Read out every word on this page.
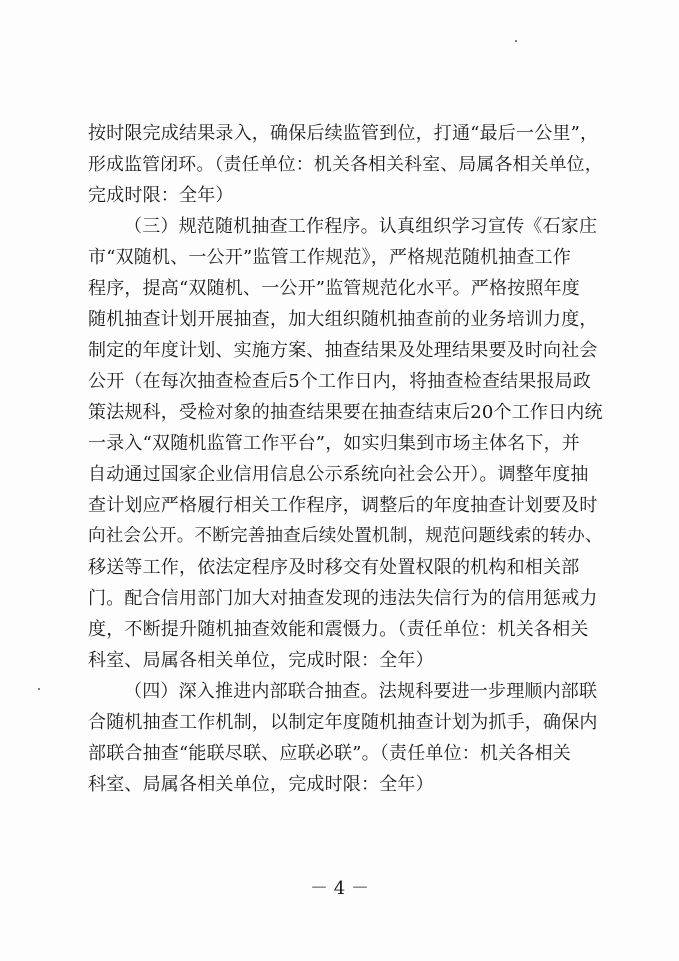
按时限完成结果录入，确保后续监管到位，打通“最后一公里”，
形成监管闭环。（责任单位：机关各相关科室、局属各相关单位，
完成时限：全年）
（三）规范随机抽查工作程序。认真组织学习宣传《石家庄
市“双随机、一公开”监管工作规范》，严格规范随机抽查工作
程序，提高“双随机、一公开”监管规范化水平。严格按照年度
随机抽查计划开展抽查，加大组织随机抽查前的业务培训力度，
制定的年度计划、实施方案、抽查结果及处理结果要及时向社会
公开（在每次抽查检查后5个工作日内，将抽查检查结果报局政
策法规科，受检对象的抽查结果要在抽查结束后20个工作日内统
一录入“双随机监管工作平台”，如实归集到市场主体名下，并
自动通过国家企业信用信息公示系统向社会公开）。调整年度抽
查计划应严格履行相关工作程序，调整后的年度抽查计划要及时
向社会公开。不断完善抽查后续处置机制，规范问题线索的转办、
移送等工作，依法定程序及时移交有处置权限的机构和相关部
门。配合信用部门加大对抽查发现的违法失信行为的信用惩戒力
度，不断提升随机抽查效能和震慑力。（责任单位：机关各相关
科室、局属各相关单位，完成时限：全年）
（四）深入推进内部联合抽查。法规科要进一步理顺内部联
合随机抽查工作机制，以制定年度随机抽查计划为抓手，确保内
部联合抽查“能联尽联、应联必联”。（责任单位：机关各相关
科室、局属各相关单位，完成时限：全年）
－ 4 －
